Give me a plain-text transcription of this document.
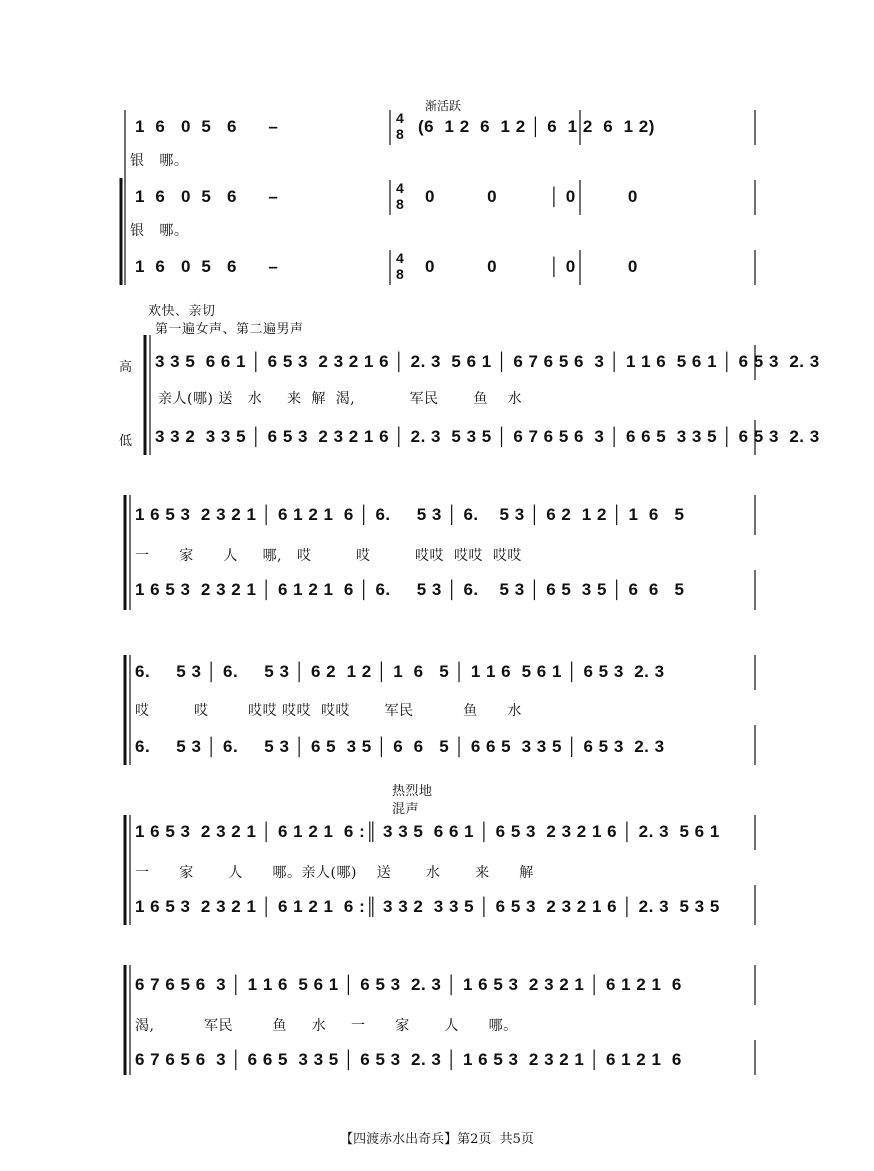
渐活跃
1  6   0  5   6      –	4
8 (6  1 2  6  1 2 │ 6  1 2  6  1 2)
银   哪。
1  6   0  5   6      –	4
8 0          0          │ 0          0
银   哪。
1  6   0  5   6      –	4
8 0          0          │ 0          0
欢快、亲切
第一遍女声、第二遍男声
高
低
3 3 5  6 6 1 │ 6 5 3  2 3 2 1 6 │ 2. 3  5 6 1 │ 6 7 6 5 6  3 │ 1 1 6  5 6 1 │ 6 5 3  2. 3
亲人(哪) 送   水     来  解  渴,           军民       鱼    水
3 3 2  3 3 5 │ 6 5 3  2 3 2 1 6 │ 2. 3  5 3 5 │ 6 7 6 5 6  3 │ 6 6 5  3 3 5 │ 6 5 3  2. 3
1 6 5 3  2 3 2 1 │ 6 1 2 1  6 │ 6.     5 3 │ 6.    5 3 │ 6 2  1 2 │ 1  6   5
一      家      人     哪,   哎         哎         哎哎  哎哎  哎哎
1 6 5 3  2 3 2 1 │ 6 1 2 1  6 │ 6.     5 3 │ 6.    5 3 │ 6 5  3 5 │ 6  6   5
6.     5 3 │ 6.     5 3 │ 6 2  1 2 │ 1  6   5 │ 1 1 6  5 6 1 │ 6 5 3  2. 3
哎         哎        哎哎 哎哎  哎哎       军民          鱼      水
6.     5 3 │ 6.     5 3 │ 6 5  3 5 │ 6  6   5 │ 6 6 5  3 3 5 │ 6 5 3  2. 3
热烈地
混声
1 6 5 3  2 3 2 1 │ 6 1 2 1  6 :║ 3 3 5  6 6 1 │ 6 5 3  2 3 2 1 6 │ 2. 3  5 6 1
一      家       人      哪。亲人(哪)    送       水       来      解
1 6 5 3  2 3 2 1 │ 6 1 2 1  6 :║ 3 3 2  3 3 5 │ 6 5 3  2 3 2 1 6 │ 2. 3  5 3 5
6 7 6 5 6  3 │ 1 1 6  5 6 1 │ 6 5 3  2. 3 │ 1 6 5 3  2 3 2 1 │ 6 1 2 1  6
渴,          军民        鱼     水     一      家       人      哪。
6 7 6 5 6  3 │ 6 6 5  3 3 5 │ 6 5 3  2. 3 │ 1 6 5 3  2 3 2 1 │ 6 1 2 1  6
【四渡赤水出奇兵】第2页  共5页
